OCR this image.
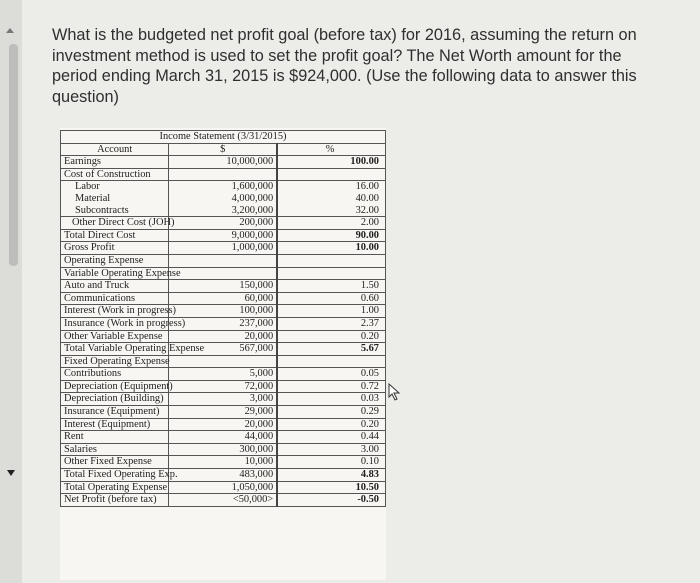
What is the budgeted net profit goal (before tax) for 2016, assuming the return on investment method is used to set the profit goal? The Net Worth amount for the period ending March 31, 2015 is $924,000. (Use the following data to answer this question)
Income Statement (3/31/2015)		
Account	$	%
Earnings	10,000,000	100.00
Cost of Construction		
Labor	1,600,000	16.00
Material	4,000,000	40.00
Subcontracts	3,200,000	32.00
Other Direct Cost (JOH)	200,000	2.00
Total Direct Cost	9,000,000	90.00
Gross Profit	1,000,000	10.00
Operating Expense		
Variable Operating Expense		
Auto and Truck	150,000	1.50
Communications	60,000	0.60
Interest (Work in progress)	100,000	1.00
Insurance (Work in progress)	237,000	2.37
Other Variable Expense	20,000	0.20
Total Variable Operating Expense	567,000	5.67
Fixed Operating Expense		
Contributions	5,000	0.05
Depreciation (Equipment)	72,000	0.72
Depreciation (Building)	3,000	0.03
Insurance (Equipment)	29,000	0.29
Interest (Equipment)	20,000	0.20
Rent	44,000	0.44
Salaries	300,000	3.00
Other Fixed Expense	10,000	0.10
Total Fixed Operating Exp.	483,000	4.83
Total Operating Expense	1,050,000	10.50
Net Profit (before tax)	<50,000>	-0.50
